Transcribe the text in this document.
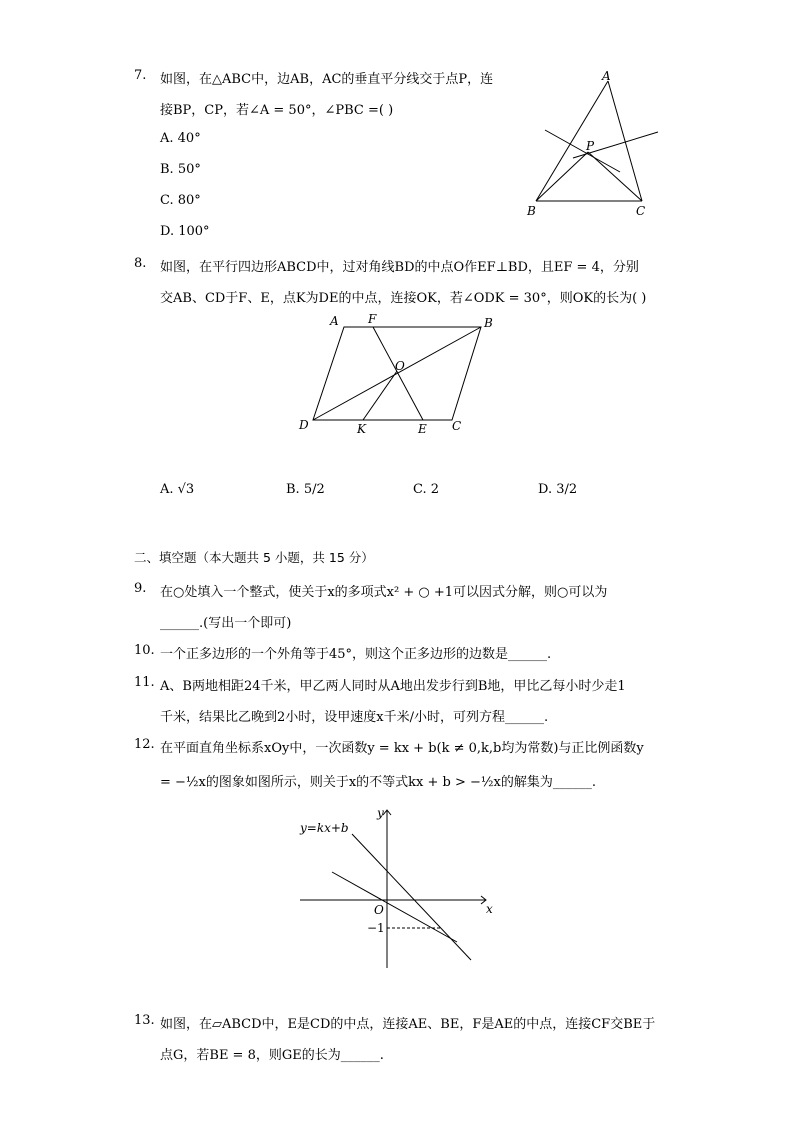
7. 如图，在△ABC中，边AB，AC的垂直平分线交于点P，连
接BP，CP，若∠A = 50°，∠PBC =( )
A. 40°
B. 50°
C. 80°
D. 100°
A
B	C
P
8. 如图，在平行四边形ABCD中，过对角线BD的中点O作EF⊥BD，且EF = 4，分别
交AB、CD于F、E，点K为DE的中点，连接OK，若∠ODK = 30°，则OK的长为( )
A F	B
O
D	K	E C
A. √3	B. 5/2	C. 2	D. 3/2
二、填空题（本大题共 5 小题，共 15 分）
9. 在○处填入一个整式，使关于x的多项式x² + ○ +1可以因式分解，则○可以为
______.(写出一个即可)
10. 一个正多边形的一个外角等于45°，则这个正多边形的边数是______.
11. A、B两地相距24千米，甲乙两人同时从A地出发步行到B地，甲比乙每小时少走1
千米，结果比乙晚到2小时，设甲速度x千米/小时，可列方程______.
12. 在平面直角坐标系xOy中，一次函数y = kx + b(k ≠ 0,k,b均为常数)与正比例函数y
= −½x的图象如图所示，则关于x的不等式kx + b > −½x的解集为______.
y=kx+b
y
x
O
−1
13. 如图，在▱ABCD中，E是CD的中点，连接AE、BE，F是AE的中点，连接CF交BE于
点G，若BE = 8，则GE的长为______.
